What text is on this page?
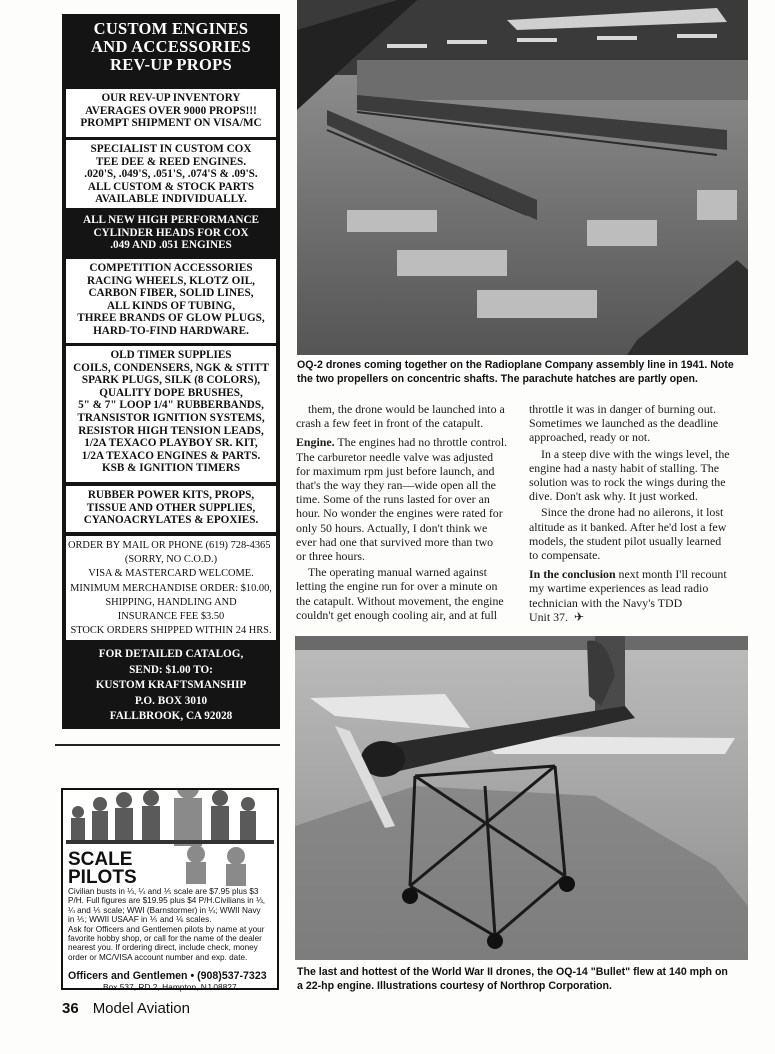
CUSTOM ENGINES
AND ACCESSORIES
REV-UP PROPS
OUR REV-UP INVENTORY
AVERAGES OVER 9000 PROPS!!!
PROMPT SHIPMENT ON VISA/MC
SPECIALIST IN CUSTOM COX
TEE DEE & REED ENGINES.
.020'S, .049'S, .051'S, .074'S & .09'S.
ALL CUSTOM & STOCK PARTS
AVAILABLE INDIVIDUALLY.
ALL NEW HIGH PERFORMANCE
CYLINDER HEADS FOR COX
.049 AND .051 ENGINES
COMPETITION ACCESSORIES
RACING WHEELS, KLOTZ OIL,
CARBON FIBER, SOLID LINES,
ALL KINDS OF TUBING,
THREE BRANDS OF GLOW PLUGS,
HARD-TO-FIND HARDWARE.
OLD TIMER SUPPLIES
COILS, CONDENSERS, NGK & STITT
SPARK PLUGS, SILK (8 COLORS),
QUALITY DOPE BRUSHES,
5" & 7" LOOP 1/4" RUBBERBANDS,
TRANSISTOR IGNITION SYSTEMS,
RESISTOR HIGH TENSION LEADS,
1/2A TEXACO PLAYBOY SR. KIT,
1/2A TEXACO ENGINES & PARTS.
KSB & IGNITION TIMERS
RUBBER POWER KITS, PROPS,
TISSUE AND OTHER SUPPLIES,
CYANOACRYLATES & EPOXIES.
ORDER BY MAIL OR PHONE (619) 728-4365
(SORRY, NO C.O.D.)
VISA & MASTERCARD WELCOME.
MINIMUM MERCHANDISE ORDER: $10.00,
SHIPPING, HANDLING AND
INSURANCE FEE $3.50
STOCK ORDERS SHIPPED WITHIN 24 HRS.
FOR DETAILED CATALOG,
SEND: $1.00 TO:
KUSTOM KRAFTSMANSHIP
P.O. BOX 3010
FALLBROOK, CA 92028
OQ-2 drones coming together on the Radioplane Company assembly line in 1941. Note
the two propellers on concentric shafts. The parachute hatches are partly open.
them, the drone would be launched into a
crash a few feet in front of the catapult.
Engine. The engines had no throttle control.
The carburetor needle valve was adjusted
for maximum rpm just before launch, and
that's the way they ran—wide open all the
time. Some of the runs lasted for over an
hour. No wonder the engines were rated for
only 50 hours. Actually, I don't think we
ever had one that survived more than two
or three hours.
The operating manual warned against
letting the engine run for over a minute on
the catapult. Without movement, the engine
couldn't get enough cooling air, and at full
throttle it was in danger of burning out.
Sometimes we launched as the deadline
approached, ready or not.
In a steep dive with the wings level, the
engine had a nasty habit of stalling. The
solution was to rock the wings during the
dive. Don't ask why. It just worked.
Since the drone had no ailerons, it lost
altitude as it banked. After he'd lost a few
models, the student pilot usually learned
to compensate.
In the conclusion next month I'll recount
my wartime experiences as lead radio
technician with the Navy's TDD
Unit 37. ✈
The last and hottest of the World War II drones, the OQ-14 "Bullet" flew at 140 mph on
a 22-hp engine. Illustrations courtesy of Northrop Corporation.
SCALE
PILOTS
Civilian busts in ⅓, ¼ and ⅕ scale are $7.95 plus $3
P/H. Full figures are $19.95 plus $4 P/H.Civilians in ⅓,
¼ and ⅕ scale; WWI (Barnstormer) in ¼; WWII Navy
in ⅕; WWII USAAF in ⅕ and ⅙ scales.
Ask for Officers and Gentlemen pilots by name at your
favorite hobby shop, or call for the name of the dealer
nearest you. If ordering direct, include check, money
order or MC/VISA account number and exp. date.
Officers and Gentlemen • (908)537-7323
Box 537, RD 2, Hampton, NJ 08827
36 Model Aviation
